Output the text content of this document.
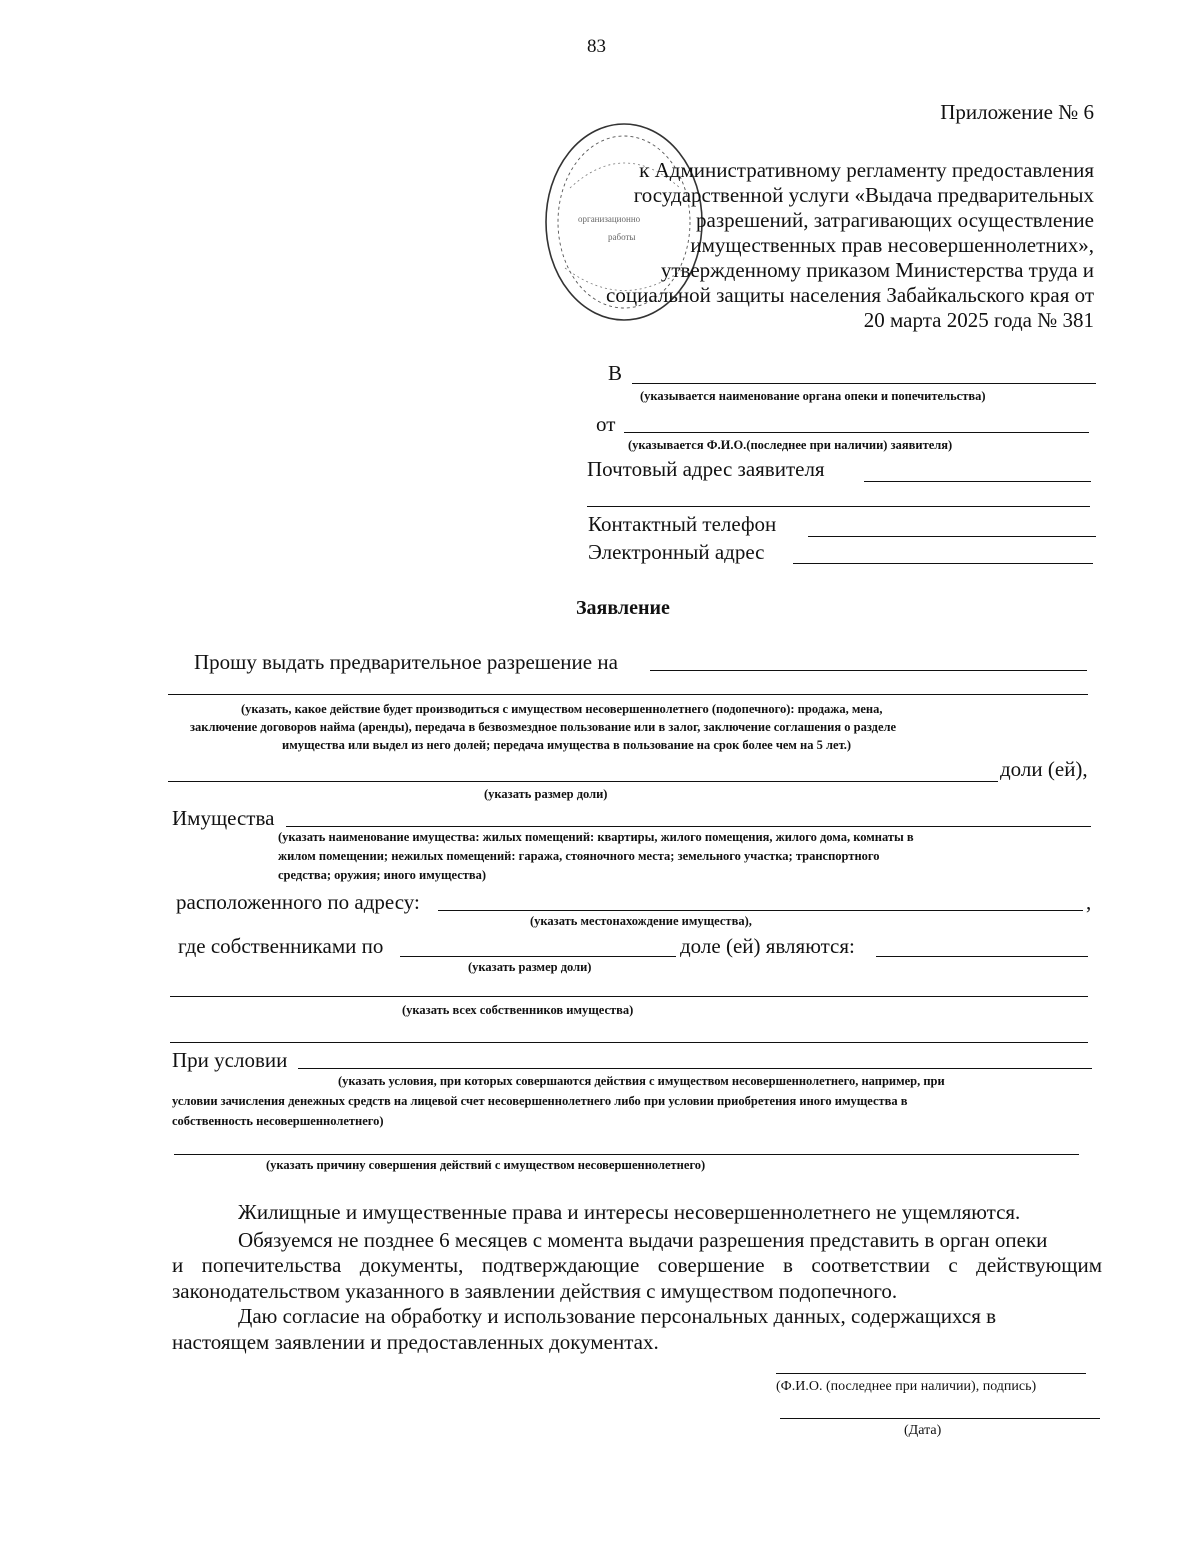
83
организационно
работы
Приложение № 6
к Административному регламенту предоставления
государственной услуги «Выдача предварительных
разрешений, затрагивающих осуществление
имущественных прав несовершеннолетних»,
утвержденному приказом Министерства труда и
социальной защиты населения Забайкальского края от
20 марта 2025 года № 381
В
(указывается наименование органа опеки и попечительства)
от
(указывается Ф.И.О.(последнее при наличии) заявителя)
Почтовый адрес заявителя
Контактный телефон
Электронный адрес
Заявление
Прошу выдать предварительное разрешение на
(указать, какое действие будет производиться с имуществом несовершеннолетнего (подопечного): продажа, мена,
заключение договоров найма (аренды), передача в безвозмездное пользование или в залог, заключение соглашения о разделе
имущества или выдел из него долей; передача имущества в пользование на срок более чем на 5 лет.)
доли (ей),
(указать размер доли)
Имущества
(указать наименование имущества: жилых помещений: квартиры, жилого помещения, жилого дома, комнаты в
жилом помещении; нежилых помещений: гаража, стояночного места; земельного участка; транспортного
средства; оружия; иного имущества)
расположенного по адресу:	,
(указать местонахождение имущества),
где собственниками по	доле (ей) являются:
(указать размер доли)
(указать всех собственников имущества)
При условии
(указать условия, при которых совершаются действия с имуществом несовершеннолетнего, например, при
условии зачисления денежных средств на лицевой счет несовершеннолетнего либо при условии приобретения иного имущества в
собственность несовершеннолетнего)
(указать причину совершения действий с имуществом несовершеннолетнего)
Жилищные и имущественные права и интересы несовершеннолетнего не ущемляются.
Обязуемся не позднее 6 месяцев с момента выдачи разрешения представить в орган опеки
и попечительства документы, подтверждающие совершение в соответствии с действующим законодательством указанного в заявлении действия с имуществом подопечного.
Даю согласие на обработку и использование персональных данных, содержащихся в
настоящем заявлении и предоставленных документах.
(Ф.И.О. (последнее при наличии), подпись)
(Дата)
